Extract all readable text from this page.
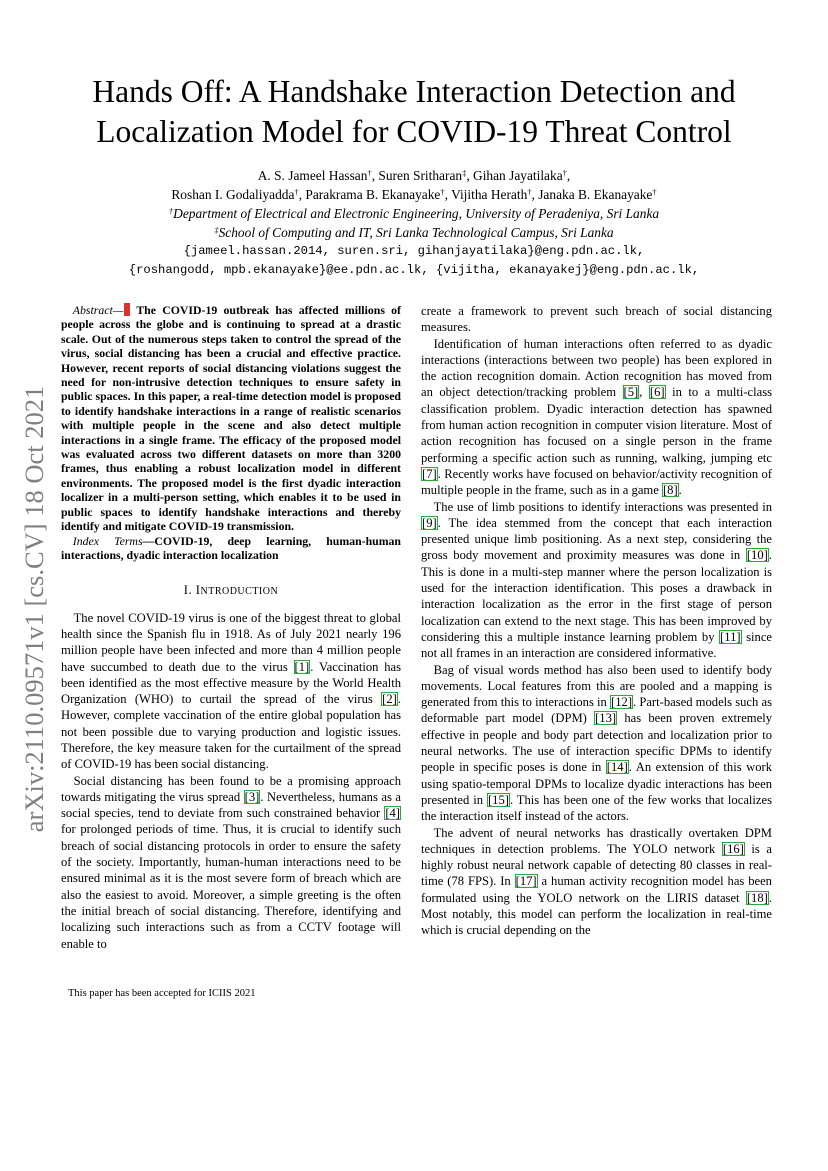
arXiv:2110.09571v1 [cs.CV] 18 Oct 2021
Hands Off: A Handshake Interaction Detection and
Localization Model for COVID-19 Threat Control
A. S. Jameel Hassan†, Suren Sritharan‡, Gihan Jayatilaka†,
Roshan I. Godaliyadda†, Parakrama B. Ekanayake†, Vijitha Herath†, Janaka B. Ekanayake†
†Department of Electrical and Electronic Engineering, University of Peradeniya, Sri Lanka
‡School of Computing and IT, Sri Lanka Technological Campus, Sri Lanka
{jameel.hassan.2014, suren.sri, gihanjayatilaka}@eng.pdn.ac.lk,
{roshangodd, mpb.ekanayake}@ee.pdn.ac.lk, {vijitha, ekanayakej}@eng.pdn.ac.lk,

Abstract— The COVID-19 outbreak has affected millions of people across the globe and is continuing to spread at a drastic scale. Out of the numerous steps taken to control the spread of the virus, social distancing has been a crucial and effective practice. However, recent reports of social distancing violations suggest the need for non-intrusive detection techniques to ensure safety in public spaces. In this paper, a real-time detection model is proposed to identify handshake interactions in a range of realistic scenarios with multiple people in the scene and also detect multiple interactions in a single frame. The efficacy of the proposed model was evaluated across two different datasets on more than 3200 frames, thus enabling a robust localization model in different environments. The proposed model is the first dyadic interaction localizer in a multi-person setting, which enables it to be used in public spaces to identify handshake interactions and thereby identify and mitigate COVID-19 transmission.

Index Terms—COVID-19, deep learning, human-human interactions, dyadic interaction localization

I. INTRODUCTION

The novel COVID-19 virus is one of the biggest threat to global health since the Spanish flu in 1918. As of July 2021 nearly 196 million people have been infected and more than 4 million people have succumbed to death due to the virus [1]. Vaccination has been identified as the most effective measure by the World Health Organization (WHO) to curtail the spread of the virus [2]. However, complete vaccination of the entire global population has not been possible due to varying production and logistic issues. Therefore, the key measure taken for the curtailment of the spread of COVID-19 has been social distancing.

Social distancing has been found to be a promising approach towards mitigating the virus spread [3]. Nevertheless, humans as a social species, tend to deviate from such constrained behavior [4] for prolonged periods of time. Thus, it is crucial to identify such breach of social distancing protocols in order to ensure the safety of the society. Importantly, human-human interactions need to be ensured minimal as it is the most severe form of breach which are also the easiest to avoid. Moreover, a simple greeting is the often the initial breach of social distancing. Therefore, identifying and localizing such interactions such as from a CCTV footage will enable to

create a framework to prevent such breach of social distancing measures.

Identification of human interactions often referred to as dyadic interactions (interactions between two people) has been explored in the action recognition domain. Action recognition has moved from an object detection/tracking problem [5], [6] in to a multi-class classification problem. Dyadic interaction detection has spawned from human action recognition in computer vision literature. Most of action recognition has focused on a single person in the frame performing a specific action such as running, walking, jumping etc [7]. Recently works have focused on behavior/activity recognition of multiple people in the frame, such as in a game [8].

The use of limb positions to identify interactions was presented in [9]. The idea stemmed from the concept that each interaction presented unique limb positioning. As a next step, considering the gross body movement and proximity measures was done in [10]. This is done in a multi-step manner where the person localization is used for the interaction identification. This poses a drawback in interaction localization as the error in the first stage of person localization can extend to the next stage. This has been improved by considering this a multiple instance learning problem by [11] since not all frames in an interaction are considered informative.

Bag of visual words method has also been used to identify body movements. Local features from this are pooled and a mapping is generated from this to interactions in [12]. Part-based models such as deformable part model (DPM) [13] has been proven extremely effective in people and body part detection and localization prior to neural networks. The use of interaction specific DPMs to identify people in specific poses is done in [14]. An extension of this work using spatio-temporal DPMs to localize dyadic interactions has been presented in [15]. This has been one of the few works that localizes the interaction itself instead of the actors.

The advent of neural networks has drastically overtaken DPM techniques in detection problems. The YOLO network [16] is a highly robust neural network capable of detecting 80 classes in real-time (78 FPS). In [17] a human activity recognition model has been formulated using the YOLO network on the LIRIS dataset [18]. Most notably, this model can perform the localization in real-time which is crucial depending on the

This paper has been accepted for ICIIS 2021
